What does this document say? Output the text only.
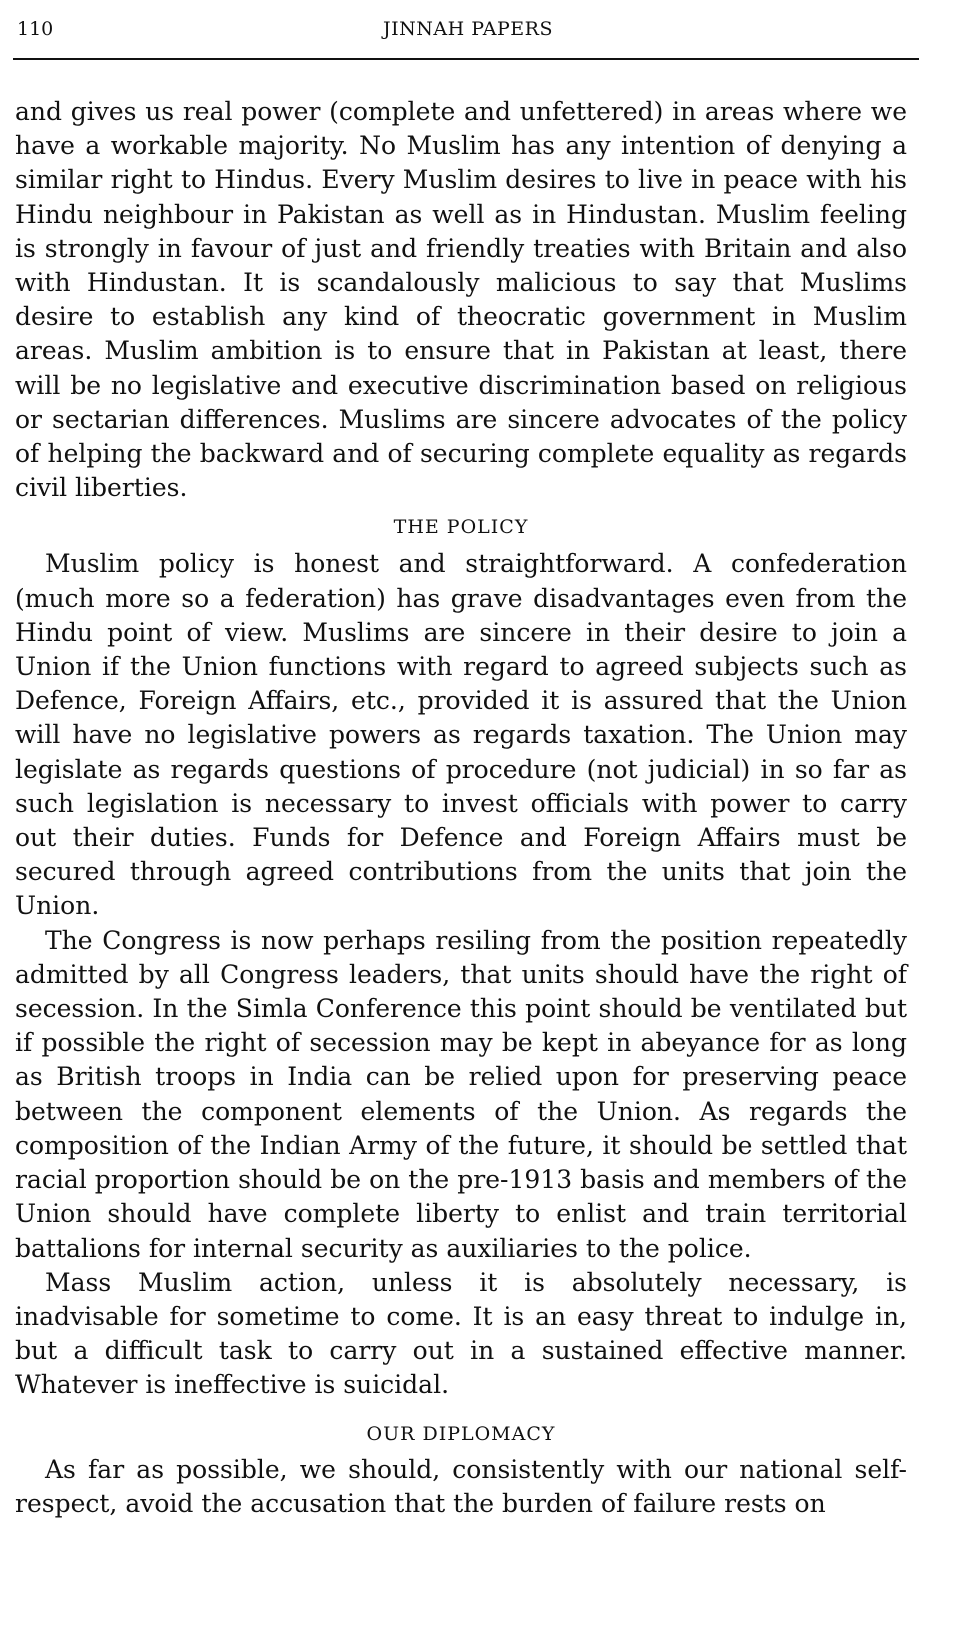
110	JINNAH PAPERS

and gives us real power (complete and unfettered) in areas where we have a workable majority. No Muslim has any intention of denying a similar right to Hindus. Every Muslim desires to live in peace with his Hindu neighbour in Pakistan as well as in Hindustan. Muslim feeling is strongly in favour of just and friendly treaties with Britain and also with Hindustan. It is scandalously malicious to say that Muslims desire to establish any kind of theocratic government in Muslim areas. Muslim ambition is to ensure that in Pakistan at least, there will be no legislative and executive discrimination based on religious or sectarian differences. Muslims are sincere advocates of the policy of helping the backward and of securing complete equality as regards civil liberties.

THE POLICY

Muslim policy is honest and straightforward. A confederation (much more so a federation) has grave disadvantages even from the Hindu point of view. Muslims are sincere in their desire to join a Union if the Union functions with regard to agreed subjects such as Defence, Foreign Affairs, etc., provided it is assured that the Union will have no legislative powers as regards taxation. The Union may legislate as regards questions of procedure (not judicial) in so far as such legislation is necessary to invest officials with power to carry out their duties. Funds for Defence and Foreign Affairs must be secured through agreed contributions from the units that join the Union.

The Congress is now perhaps resiling from the position repeatedly admitted by all Congress leaders, that units should have the right of secession. In the Simla Conference this point should be ventilated but if possible the right of secession may be kept in abeyance for as long as British troops in India can be relied upon for preserving peace between the component elements of the Union. As regards the composition of the Indian Army of the future, it should be settled that racial proportion should be on the pre-1913 basis and members of the Union should have complete liberty to enlist and train territorial battalions for internal security as auxiliaries to the police.

Mass Muslim action, unless it is absolutely necessary, is inadvisable for sometime to come. It is an easy threat to indulge in, but a difficult task to carry out in a sustained effective manner. Whatever is ineffective is suicidal.

OUR DIPLOMACY

As far as possible, we should, consistently with our national self-respect, avoid the accusation that the burden of failure rests on
